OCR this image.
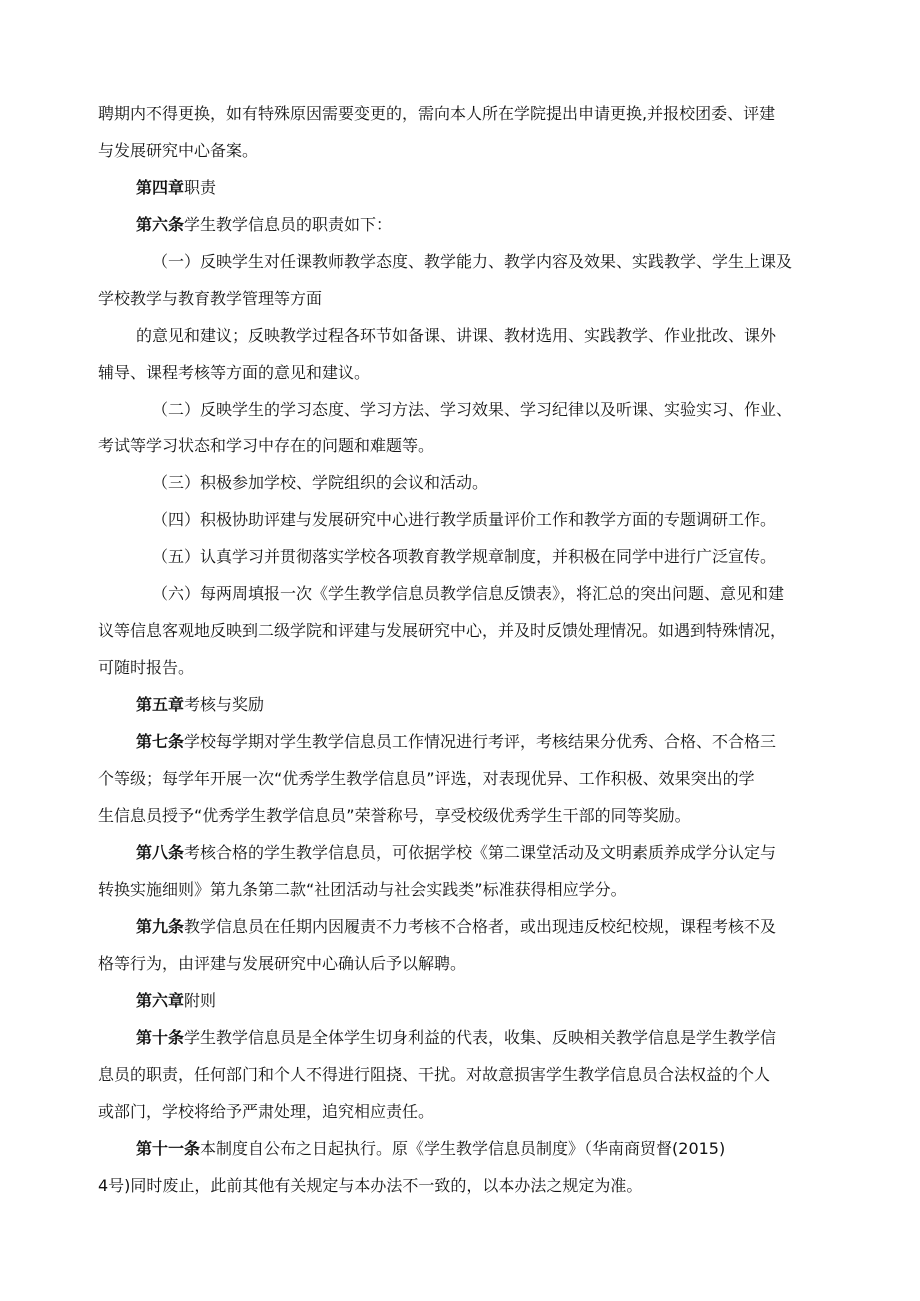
聘期内不得更换，如有特殊原因需要变更的，需向本人所在学院提出申请更换,并报校团委、评建
与发展研究中心备案。
第四章职责
第六条学生教学信息员的职责如下：
（一）反映学生对任课教师教学态度、教学能力、教学内容及效果、实践教学、学生上课及
学校教学与教育教学管理等方面
的意见和建议；反映教学过程各环节如备课、讲课、教材选用、实践教学、作业批改、课外
辅导、课程考核等方面的意见和建议。
（二）反映学生的学习态度、学习方法、学习效果、学习纪律以及听课、实验实习、作业、
考试等学习状态和学习中存在的问题和难题等。
（三）积极参加学校、学院组织的会议和活动。
（四）积极协助评建与发展研究中心进行教学质量评价工作和教学方面的专题调研工作。
（五）认真学习并贯彻落实学校各项教育教学规章制度，并积极在同学中进行广泛宣传。
（六）每两周填报一次《学生教学信息员教学信息反馈表》，将汇总的突出问题、意见和建
议等信息客观地反映到二级学院和评建与发展研究中心，并及时反馈处理情况。如遇到特殊情况，
可随时报告。
第五章考核与奖励
第七条学校每学期对学生教学信息员工作情况进行考评，考核结果分优秀、合格、不合格三
个等级；每学年开展一次“优秀学生教学信息员”评选，对表现优异、工作积极、效果突出的学
生信息员授予“优秀学生教学信息员”荣誉称号，享受校级优秀学生干部的同等奖励。
第八条考核合格的学生教学信息员，可依据学校《第二课堂活动及文明素质养成学分认定与
转换实施细则》第九条第二款“社团活动与社会实践类”标准获得相应学分。
第九条教学信息员在任期内因履责不力考核不合格者，或出现违反校纪校规，课程考核不及
格等行为，由评建与发展研究中心确认后予以解聘。
第六章附则
第十条学生教学信息员是全体学生切身利益的代表，收集、反映相关教学信息是学生教学信
息员的职责，任何部门和个人不得进行阻挠、干扰。对故意损害学生教学信息员合法权益的个人
或部门，学校将给予严肃处理，追究相应责任。
第十一条本制度自公布之日起执行。原《学生教学信息员制度》（华南商贸督(2015)
4号)同时废止，此前其他有关规定与本办法不一致的，以本办法之规定为准。
